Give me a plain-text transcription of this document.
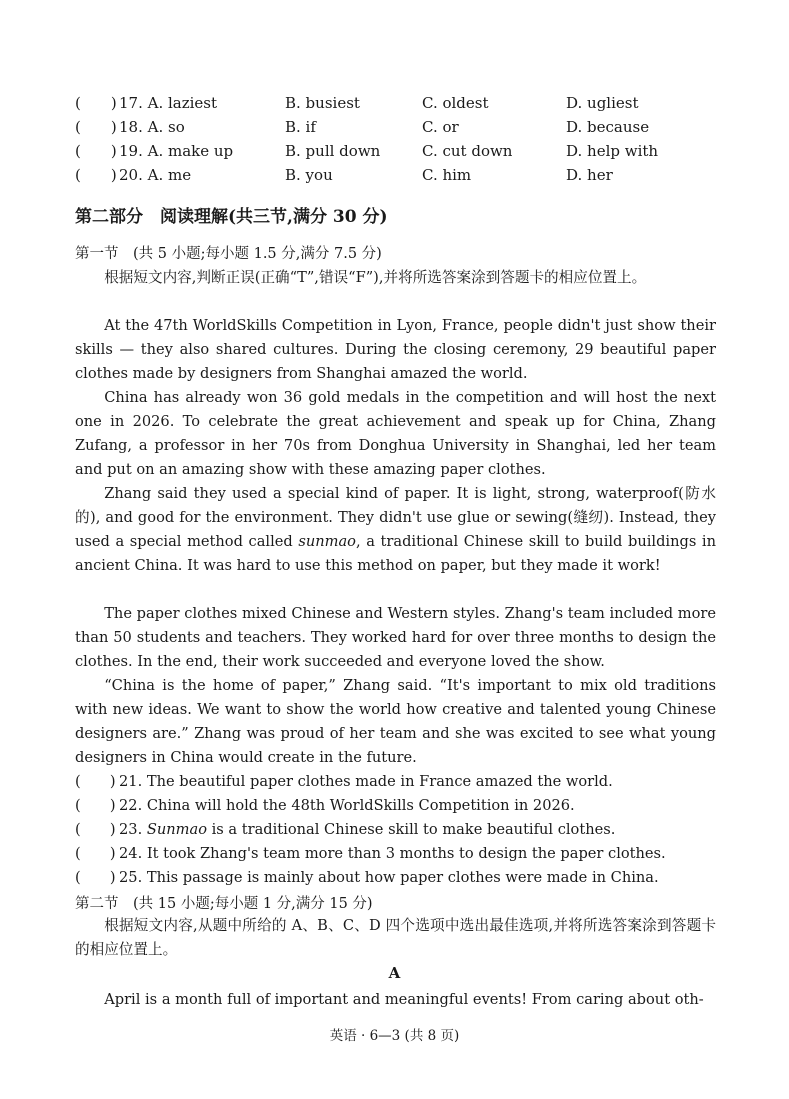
(　　) 17. A. laziest	B. busiest	C. oldest	D. ugliest
(　　) 18. A. so	B. if	C. or	D. because
(　　) 19. A. make up	B. pull down	C. cut down	D. help with
(　　) 20. A. me	B. you	C. him	D. her
第二部分　阅读理解(共三节,满分 30 分)
第一节　(共 5 小题;每小题 1.5 分,满分 7.5 分)

根据短文内容,判断正误(正确“T”,错误“F”),并将所选答案涂到答题卡的相应位置上。

At the 47th WorldSkills Competition in Lyon, France, people didn't just show their skills — they also shared cultures. During the closing ceremony, 29 beautiful paper clothes made by designers from Shanghai amazed the world.

China has already won 36 gold medals in the competition and will host the next one in 2026. To celebrate the great achievement and speak up for China, Zhang Zufang, a professor in her 70s from Donghua University in Shanghai, led her team and put on an amazing show with these amazing paper clothes.

Zhang said they used a special kind of paper. It is light, strong, waterproof(防水的), and good for the environment. They didn't use glue or sewing(缝纫). Instead, they used a special method called sunmao, a traditional Chinese skill to build buildings in ancient China. It was hard to use this method on paper, but they made it work!

The paper clothes mixed Chinese and Western styles. Zhang's team included more than 50 students and teachers. They worked hard for over three months to design the clothes. In the end, their work succeeded and everyone loved the show.

“China is the home of paper,” Zhang said. “It's important to mix old traditions with new ideas. We want to show the world how creative and talented young Chinese designers are.” Zhang was proud of her team and she was excited to see what young designers in China would create in the future.

(　　) 21. The beautiful paper clothes made in France amazed the world.
(　　) 22. China will hold the 48th WorldSkills Competition in 2026.
(　　) 23. Sunmao is a traditional Chinese skill to make beautiful clothes.
(　　) 24. It took Zhang's team more than 3 months to design the paper clothes.
(　　) 25. This passage is mainly about how paper clothes were made in China.
第二节　(共 15 小题;每小题 1 分,满分 15 分)

根据短文内容,从题中所给的 A、B、C、D 四个选项中选出最佳选项,并将所选答案涂到答题卡的相应位置上。

A

April is a month full of important and meaningful events! From caring about oth-

英语 · 6—3 (共 8 页)
